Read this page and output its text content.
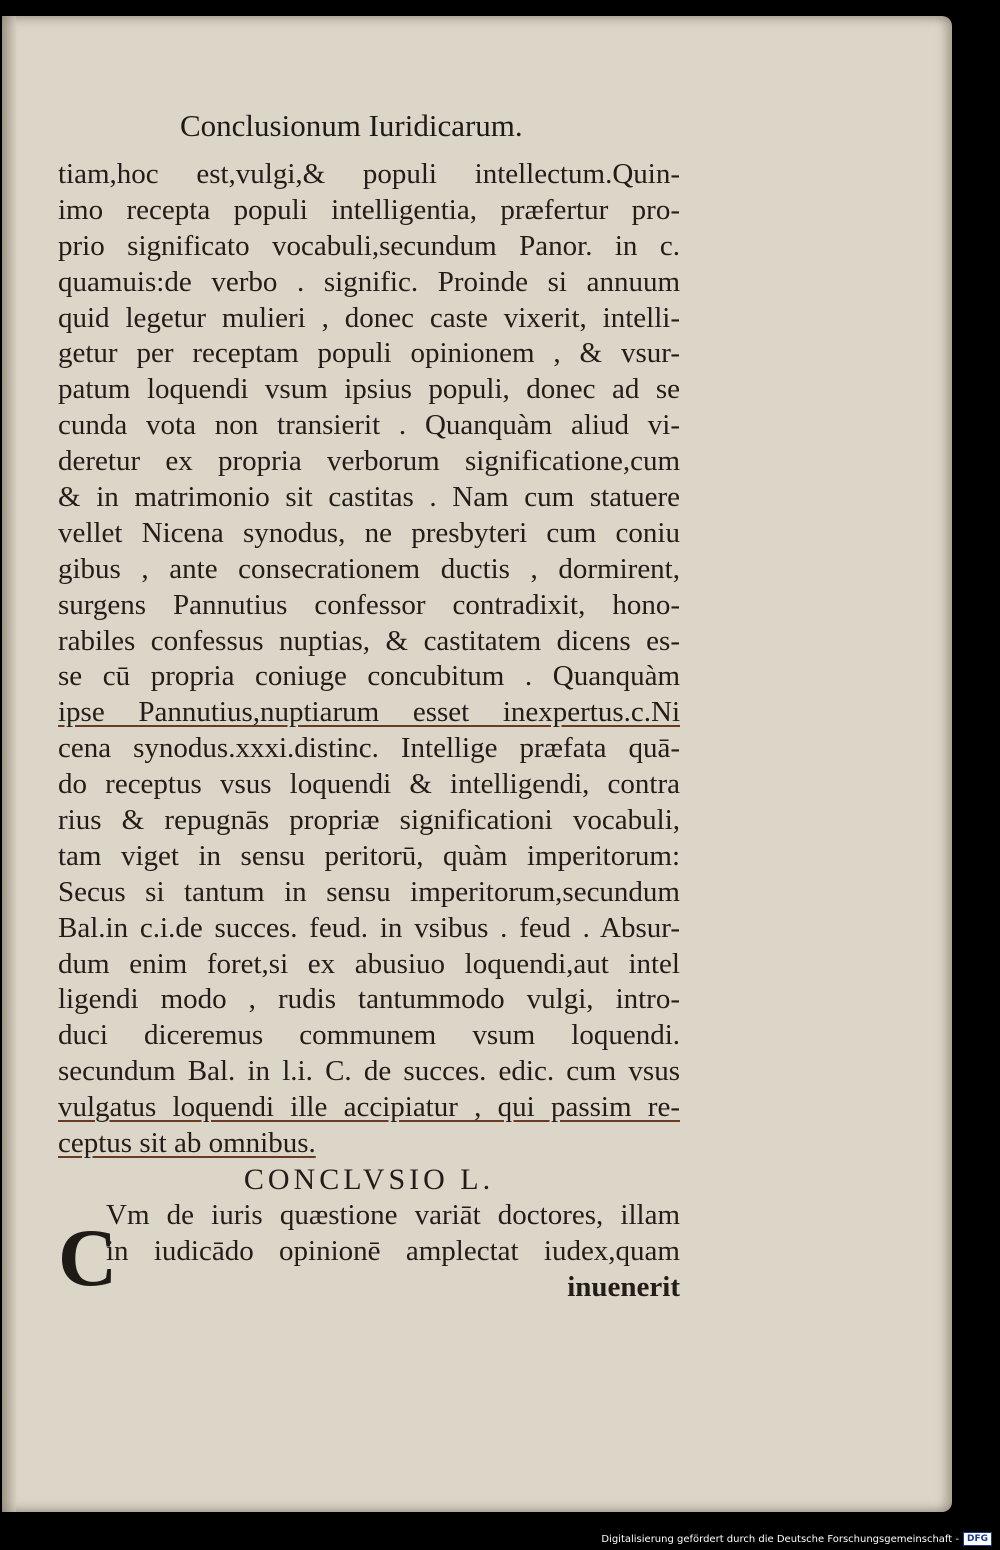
Conclusionum Iuridicarum.
tiam,hoc est,vulgi,& populi intellectum.Quin-
imo recepta populi intelligentia, præfertur pro-
prio significato vocabuli,secundum Panor. in c.
quamuis:de verbo . signific. Proinde si annuum
quid legetur mulieri , donec caste vixerit, intelli-
getur per receptam populi opinionem , & vsur-
patum loquendi vsum ipsius populi, donec ad se
cunda vota non transierit . Quanquàm aliud vi-
deretur ex propria verborum significatione,cum
& in matrimonio sit castitas . Nam cum statuere
vellet Nicena synodus, ne presbyteri cum coniu
gibus , ante consecrationem ductis , dormirent,
surgens Pannutius confessor contradixit, hono-
rabiles confessus nuptias, & castitatem dicens es-
se cū propria coniuge concubitum . Quanquàm
ipse Pannutius,nuptiarum esset inexpertus.c.Ni
cena synodus.xxxi.distinc. Intellige præfata quā-
do receptus vsus loquendi & intelligendi, contra
rius & repugnās propriæ significationi vocabuli,
tam viget in sensu peritorū, quàm imperitorum:
Secus si tantum in sensu imperitorum,secundum
Bal.in c.i.de succes. feud. in vsibus . feud . Absur-
dum enim foret,si ex abusiuo loquendi,aut intel
ligendi modo , rudis tantummodo vulgi, intro-
duci diceremus communem vsum loquendi.
secundum Bal. in l.i. C. de succes. edic. cum vsus
vulgatus loquendi ille accipiatur , qui passim re-
ceptus sit ab omnibus.
CONCLVSIO L.
C
Vm de iuris quæstione variāt doctores, illam
in iudicādo opinionē amplectat iudex,quam
inuenerit
Digitalisierung gefördert durch die Deutsche Forschungsgemeinschaft - DFG
